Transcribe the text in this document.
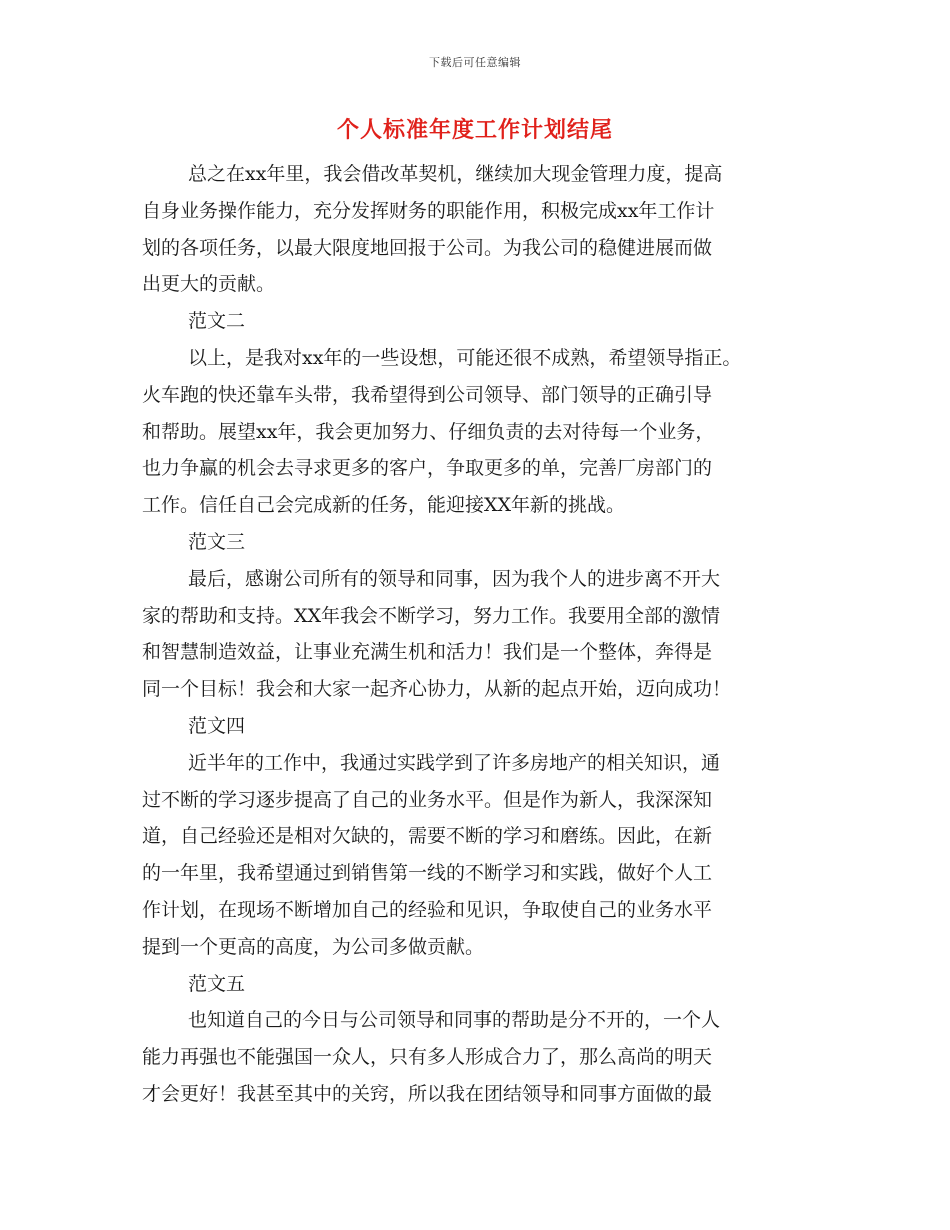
下载后可任意编辑
个人标准年度工作计划结尾
总之在xx年里，我会借改革契机，继续加大现金管理力度，提高
自身业务操作能力，充分发挥财务的职能作用，积极完成xx年工作计
划的各项任务，以最大限度地回报于公司。为我公司的稳健进展而做
出更大的贡献。
范文二
以上，是我对xx年的一些设想，可能还很不成熟，希望领导指正。
火车跑的快还靠车头带，我希望得到公司领导、部门领导的正确引导
和帮助。展望xx年，我会更加努力、仔细负责的去对待每一个业务，
也力争赢的机会去寻求更多的客户，争取更多的单，完善厂房部门的
工作。信任自己会完成新的任务，能迎接XX年新的挑战。
范文三
最后，感谢公司所有的领导和同事，因为我个人的进步离不开大
家的帮助和支持。XX年我会不断学习，努力工作。我要用全部的激情
和智慧制造效益，让事业充满生机和活力！我们是一个整体，奔得是
同一个目标！我会和大家一起齐心协力，从新的起点开始，迈向成功！
范文四
近半年的工作中，我通过实践学到了许多房地产的相关知识，通
过不断的学习逐步提高了自己的业务水平。但是作为新人，我深深知
道，自己经验还是相对欠缺的，需要不断的学习和磨练。因此，在新
的一年里，我希望通过到销售第一线的不断学习和实践，做好个人工
作计划，在现场不断增加自己的经验和见识，争取使自己的业务水平
提到一个更高的高度，为公司多做贡献。
范文五
也知道自己的今日与公司领导和同事的帮助是分不开的，一个人
能力再强也不能强国一众人，只有多人形成合力了，那么高尚的明天
才会更好！我甚至其中的关窍，所以我在团结领导和同事方面做的最
